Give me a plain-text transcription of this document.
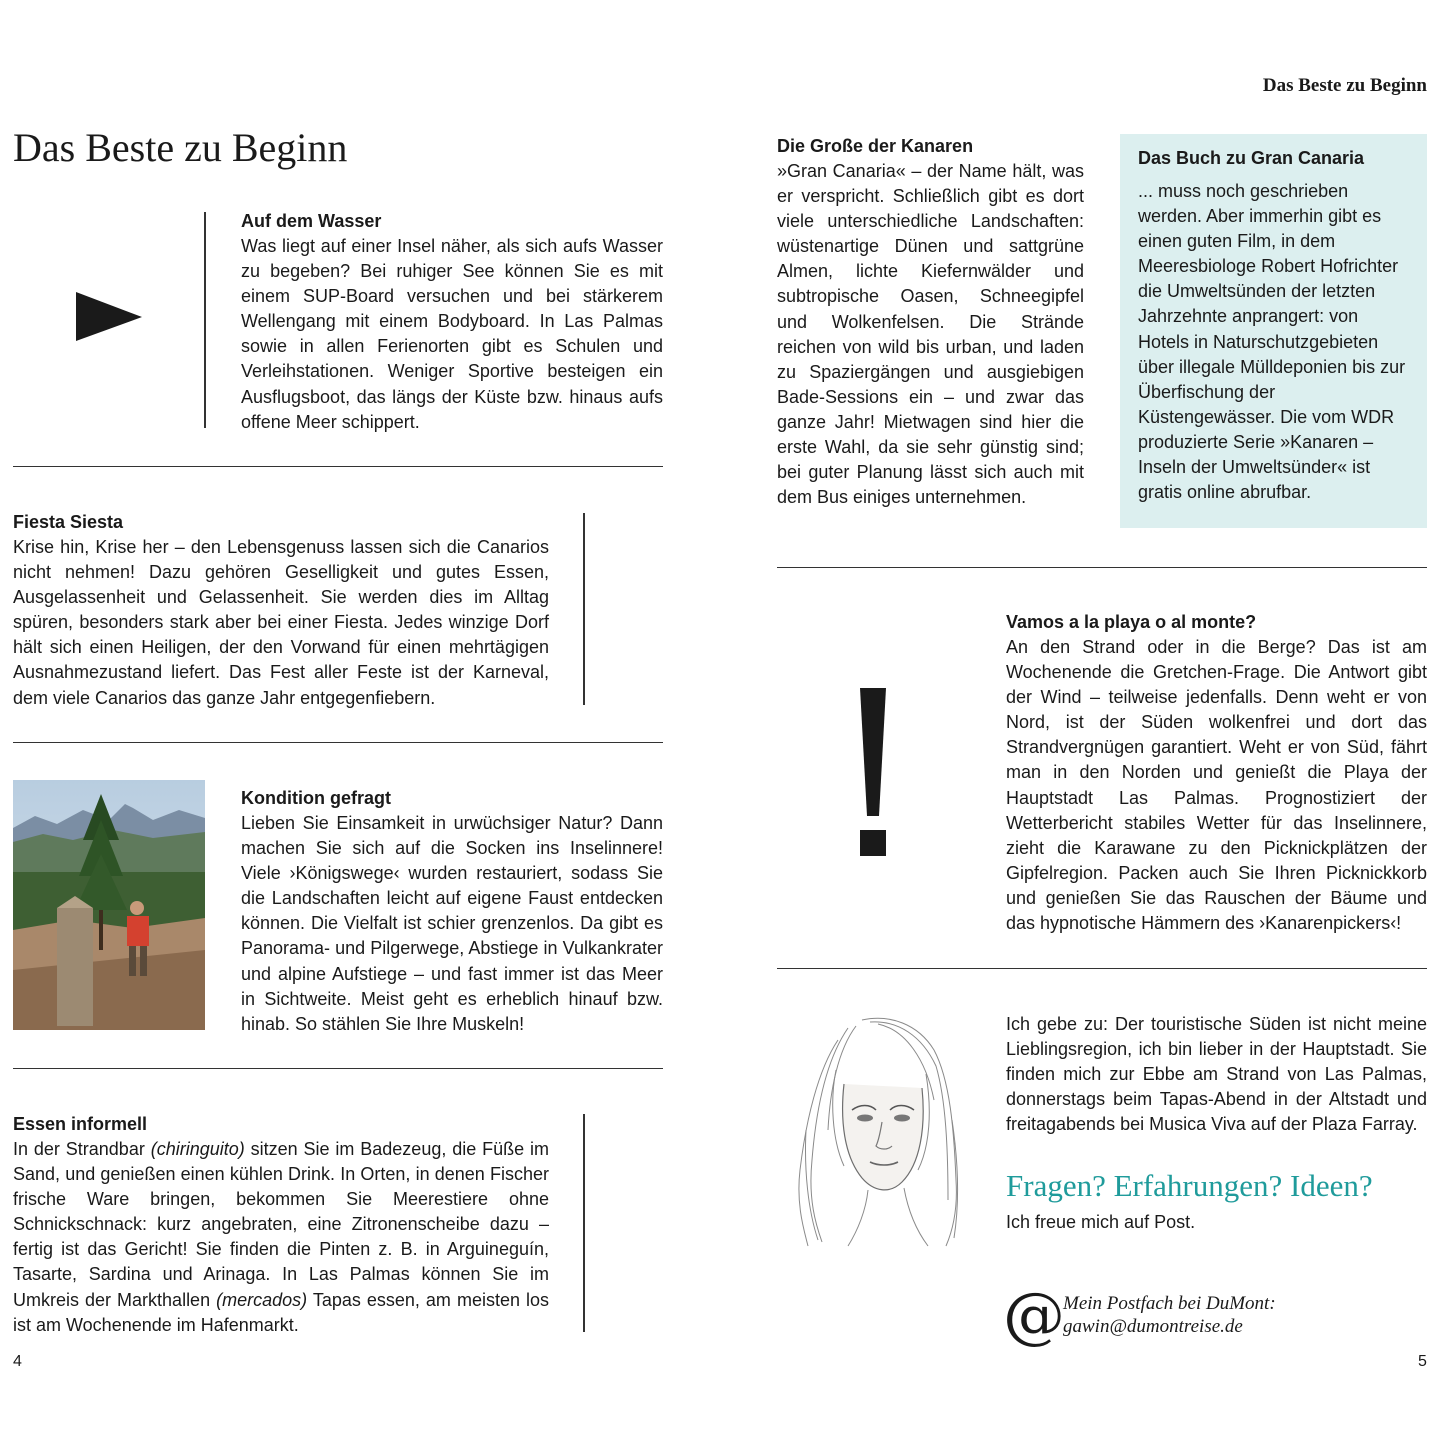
Das Beste zu Beginn
Das Beste zu Beginn
Auf dem Wasser

Was liegt auf einer Insel näher, als sich aufs Wasser zu begeben? Bei ruhiger See können Sie es mit einem SUP-Board versuchen und bei stärkerem Wellengang mit einem Bodyboard. In Las Palmas sowie in allen Ferienorten gibt es Schulen und Verleihstationen. Weniger Sportive besteigen ein Ausflugsboot, das längs der Küste bzw. hinaus aufs offene Meer schippert.

Fiesta Siesta

Krise hin, Krise her – den Lebensgenuss lassen sich die Canarios nicht nehmen! Dazu gehören Geselligkeit und gutes Essen, Ausgelassenheit und Gelassenheit. Sie werden dies im Alltag spüren, besonders stark aber bei einer Fiesta. Jedes winzige Dorf hält sich einen Heiligen, der den Vorwand für einen mehrtägigen Ausnahmezustand liefert. Das Fest aller Feste ist der Karneval, dem viele Canarios das ganze Jahr entgegenfiebern.

Kondition gefragt

Lieben Sie Einsamkeit in urwüchsiger Natur? Dann machen Sie sich auf die Socken ins Inselinnere! Viele ›Königswege‹ wurden restauriert, sodass Sie die Landschaften leicht auf eigene Faust entdecken können. Die Vielfalt ist schier grenzenlos. Da gibt es Panorama- und Pilgerwege, Abstiege in Vulkankrater und alpine Aufstiege – und fast immer ist das Meer in Sichtweite. Meist geht es erheblich hinauf bzw. hinab. So stählen Sie Ihre Muskeln!

Essen informell

In der Strandbar (chiringuito) sitzen Sie im Badezeug, die Füße im Sand, und genießen einen kühlen Drink. In Orten, in denen Fischer frische Ware bringen, bekommen Sie Meerestiere ohne Schnickschnack: kurz angebraten, eine Zitronenscheibe dazu – fertig ist das Gericht! Sie finden die Pinten z. B. in Arguineguín, Tasarte, Sardina und Arinaga. In Las Palmas können Sie im Umkreis der Markthallen (mercados) Tapas essen, am meisten los ist am Wochenende im Hafenmarkt.

4
Die Große der Kanaren

»Gran Canaria« – der Name hält, was er verspricht. Schließlich gibt es dort viele unterschiedliche Landschaften: wüstenartige Dünen und sattgrüne Almen, lichte Kiefernwälder und subtropische Oasen, Schneegipfel und Wolkenfelsen. Die Strände reichen von wild bis urban, und laden zu Spaziergängen und ausgiebigen Bade-Sessions ein – und zwar das ganze Jahr! Mietwagen sind hier die erste Wahl, da sie sehr günstig sind; bei guter Planung lässt sich auch mit dem Bus einiges unternehmen.

Das Buch zu Gran Canaria

... muss noch geschrieben werden. Aber immerhin gibt es einen guten Film, in dem Meeresbiologe Robert Hofrichter die Umweltsünden der letzten Jahrzehnte anprangert: von Hotels in Naturschutzgebieten über illegale Mülldeponien bis zur Überfischung der Küstengewässer. Die vom WDR produzierte Serie »Kanaren – Inseln der Umweltsünder« ist gratis online abrufbar.

Vamos a la playa o al monte?

An den Strand oder in die Berge? Das ist am Wochenende die Gretchen-Frage. Die Antwort gibt der Wind – teilweise jedenfalls. Denn weht er von Nord, ist der Süden wolkenfrei und dort das Strandvergnügen garantiert. Weht er von Süd, fährt man in den Norden und genießt die Playa der Hauptstadt Las Palmas. Prognostiziert der Wetterbericht stabiles Wetter für das Inselinnere, zieht die Karawane zu den Picknickplätzen der Gipfelregion. Packen auch Sie Ihren Picknickkorb und genießen Sie das Rauschen der Bäume und das hypnotische Hämmern des ›Kanarenpickers‹!

Ich gebe zu: Der touristische Süden ist nicht meine Lieblingsregion, ich bin lieber in der Hauptstadt. Sie finden mich zur Ebbe am Strand von Las Palmas, donnerstags beim Tapas-Abend in der Altstadt und freitagabends bei Musica Viva auf der Plaza Farray.

Fragen? Erfahrungen? Ideen?
Ich freue mich auf Post.
@
Mein Postfach bei DuMont:
gawin@dumontreise.de
5
